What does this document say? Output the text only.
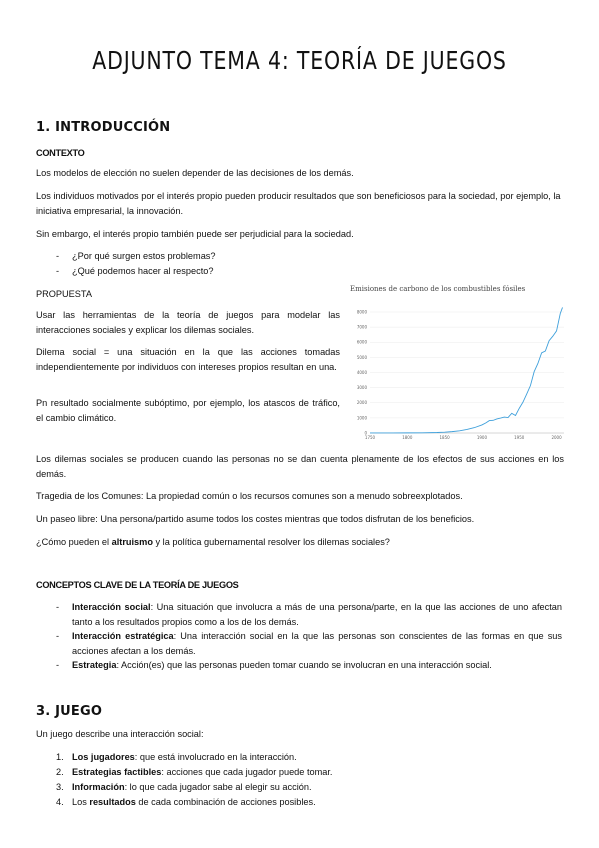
ADJUNTO TEMA 4: TEORÍA DE JUEGOS
1. INTRODUCCIÓN
CONTEXTO
Los modelos de elección no suelen depender de las decisiones de los demás.
Los individuos motivados por el interés propio pueden producir resultados que son beneficiosos para la sociedad, por ejemplo, la iniciativa empresarial, la innovación.
Sin embargo, el interés propio también puede ser perjudicial para la sociedad.
- ¿Por qué surgen estos problemas?
- ¿Qué podemos hacer al respecto?
PROPUESTA
Usar las herramientas de la teoría de juegos para modelar las interacciones sociales y explicar los dilemas sociales.
Dilema social = una situación en la que las acciones tomadas independientemente por individuos con intereses propios resultan en una.
Pn resultado socialmente subóptimo, por ejemplo, los atascos de tráfico, el cambio climático.
Emisiones de carbono de los combustibles fósiles
0
1000
2000
3000
4000
5000
6000
7000
8000
1750	1800	1850	1900	1950	2000
Los dilemas sociales se producen cuando las personas no se dan cuenta plenamente de los efectos de sus acciones en los demás.
Tragedia de los Comunes: La propiedad común o los recursos comunes son a menudo sobreexplotados.
Un paseo libre: Una persona/partido asume todos los costes mientras que todos disfrutan de los beneficios.
¿Cómo pueden el altruismo y la política gubernamental resolver los dilemas sociales?
CONCEPTOS CLAVE DE LA TEORÍA DE JUEGOS
- Interacción social: Una situación que involucra a más de una persona/parte, en la que las acciones de uno afectan tanto a los resultados propios como a los de los demás.
- Interacción estratégica: Una interacción social en la que las personas son conscientes de las formas en que sus acciones afectan a los demás.
- Estrategia: Acción(es) que las personas pueden tomar cuando se involucran en una interacción social.
3. JUEGO
Un juego describe una interacción social:
1. Los jugadores: que está involucrado en la interacción.
2. Estrategias factibles: acciones que cada jugador puede tomar.
3. Información: lo que cada jugador sabe al elegir su acción.
4. Los resultados de cada combinación de acciones posibles.
